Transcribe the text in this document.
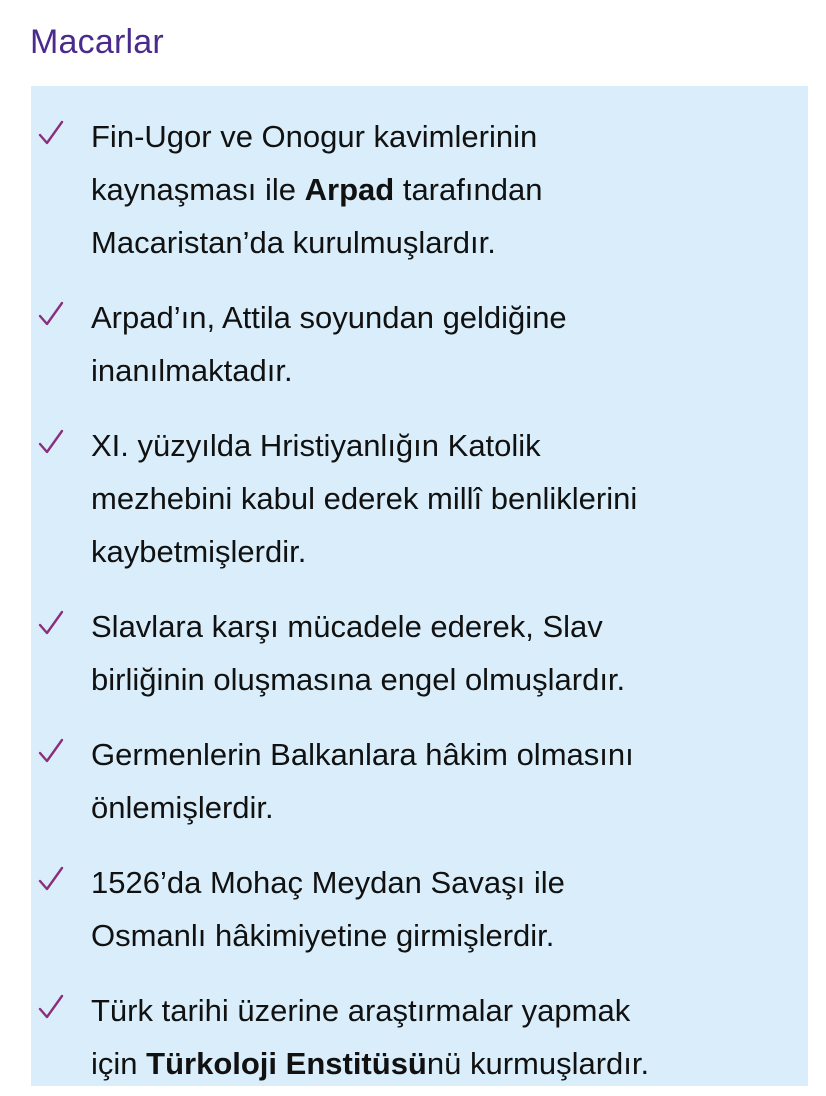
Macarlar

Fin-Ugor ve Onogur kavimlerinin
kaynaşması ile Arpad tarafından
Macaristan’da kurulmuşlardır.

Arpad’ın, Attila soyundan geldiğine
inanılmaktadır.

XI. yüzyılda Hristiyanlığın Katolik
mezhebini kabul ederek millî benliklerini
kaybetmişlerdir.

Slavlara karşı mücadele ederek, Slav
birliğinin oluşmasına engel olmuşlardır.

Germenlerin Balkanlara hâkim olmasını
önlemişlerdir.

1526’da Mohaç Meydan Savaşı ile
Osmanlı hâkimiyetine girmişlerdir.

Türk tarihi üzerine araştırmalar yapmak
için Türkoloji Enstitüsünü kurmuşlardır.
